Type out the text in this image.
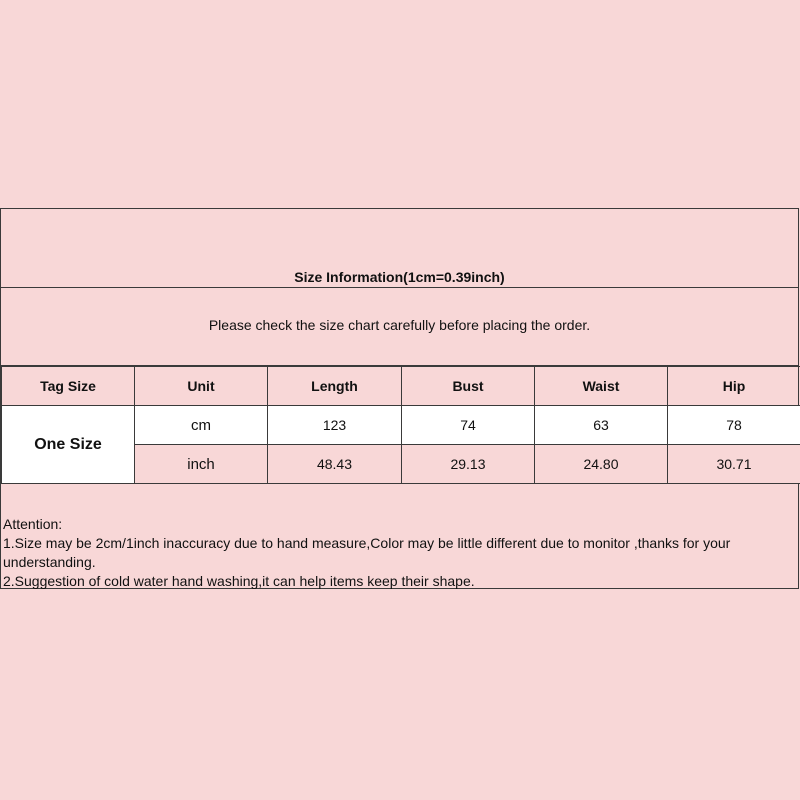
Size Information(1cm=0.39inch)
Please check the size chart carefully before placing the order.
Tag Size	Unit	Length	Bust	Waist	Hip
One Size	cm	123	74	63	78
	inch	48.43	29.13	24.80	30.71

Attention:

1.Size may be 2cm/1inch inaccuracy due to hand measure,Color may be little different due to monitor ,thanks for your understanding.

2.Suggestion of cold water hand washing,it can help items keep their shape.
